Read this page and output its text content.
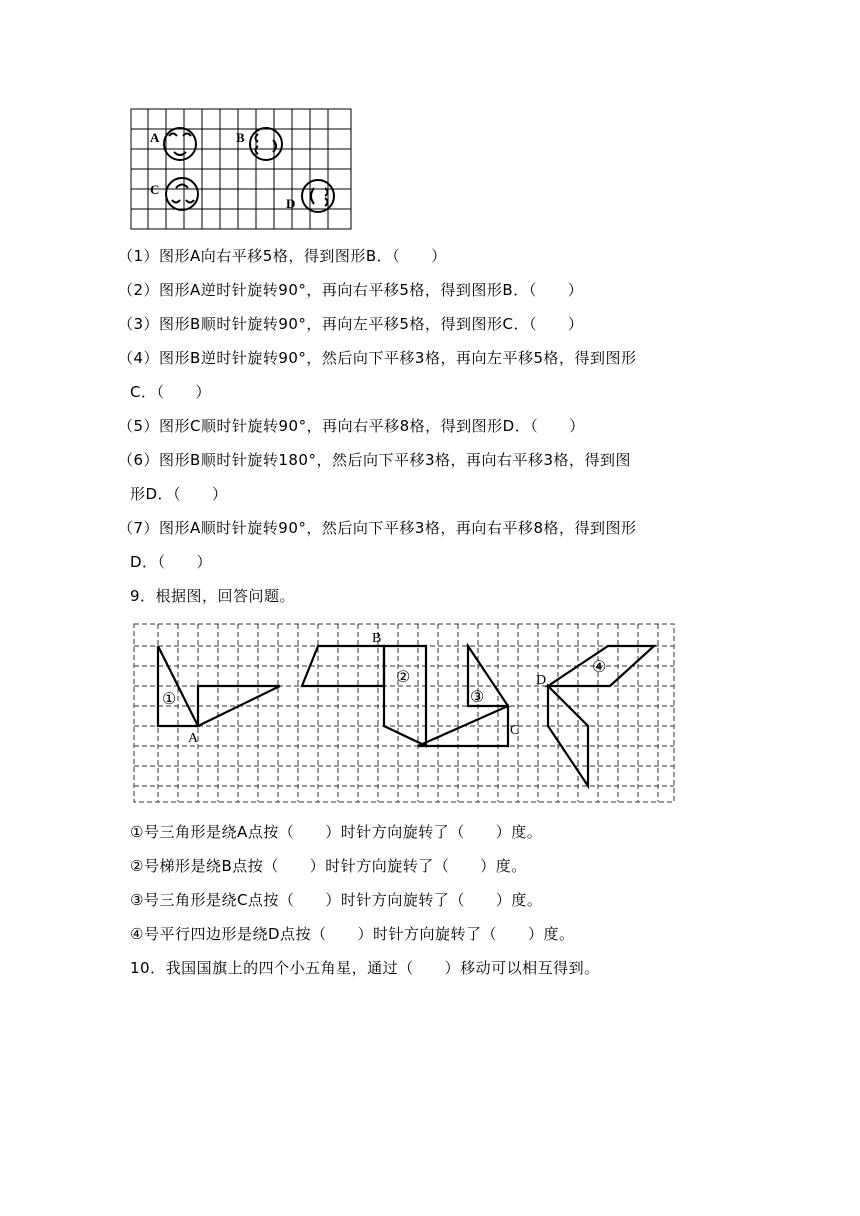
A	B
C
D
（1）图形A向右平移5格，得到图形B．（　　）
（2）图形A逆时针旋转90°，再向右平移5格，得到图形B．（　　）
（3）图形B顺时针旋转90°，再向左平移5格，得到图形C．（　　）
（4）图形B逆时针旋转90°，然后向下平移3格，再向左平移5格，得到图形
C．（　　）
（5）图形C顺时针旋转90°，再向右平移8格，得到图形D．（　　）
（6）图形B顺时针旋转180°，然后向下平移3格，再向右平移3格，得到图
形D．（　　）
（7）图形A顺时针旋转90°，然后向下平移3格，再向右平移8格，得到图形
D．（　　）
9．根据图，回答问题。
A
B
C
D
①
②
③
④
①号三角形是绕A点按（　　）时针方向旋转了（　　）度。
②号梯形是绕B点按（　　）时针方向旋转了（　　）度。
③号三角形是绕C点按（　　）时针方向旋转了（　　）度。
④号平行四边形是绕D点按（　　）时针方向旋转了（　　）度。
10．我国国旗上的四个小五角星，通过（　　）移动可以相互得到。
